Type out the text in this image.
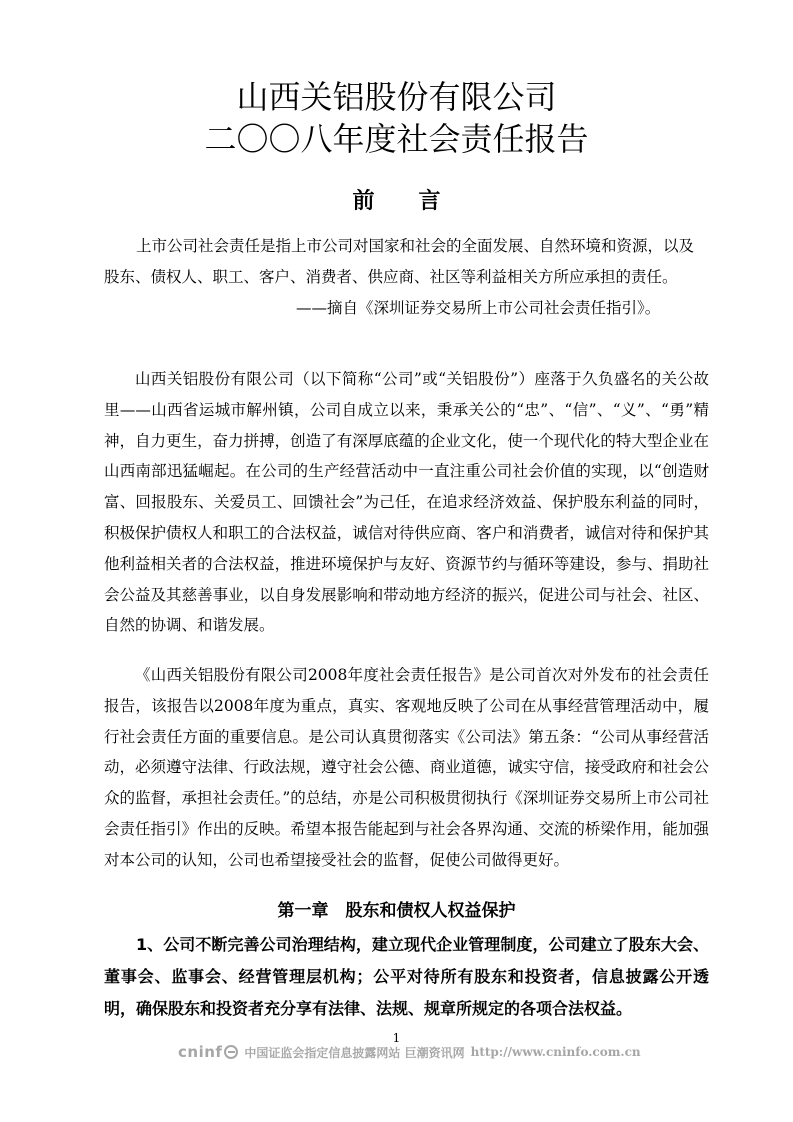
山西关铝股份有限公司
二〇〇八年度社会责任报告
前言
上市公司社会责任是指上市公司对国家和社会的全面发展、自然环境和资源，以及
股东、债权人、职工、客户、消费者、供应商、社区等利益相关方所应承担的责任。
——摘自《深圳证券交易所上市公司社会责任指引》。
山西关铝股份有限公司（以下简称“公司”或“关铝股份”）座落于久负盛名的关公故里——山西省运城市解州镇，公司自成立以来，秉承关公的“忠”、“信”、“义”、“勇”精神，自力更生，奋力拼搏，创造了有深厚底蕴的企业文化，使一个现代化的特大型企业在山西南部迅猛崛起。在公司的生产经营活动中一直注重公司社会价值的实现，以“创造财富、回报股东、关爱员工、回馈社会”为己任，在追求经济效益、保护股东利益的同时，积极保护债权人和职工的合法权益，诚信对待供应商、客户和消费者，诚信对待和保护其他利益相关者的合法权益，推进环境保护与友好、资源节约与循环等建设，参与、捐助社会公益及其慈善事业，以自身发展影响和带动地方经济的振兴，促进公司与社会、社区、自然的协调、和谐发展。
《山西关铝股份有限公司2008年度社会责任报告》是公司首次对外发布的社会责任报告，该报告以2008年度为重点，真实、客观地反映了公司在从事经营管理活动中，履行社会责任方面的重要信息。是公司认真贯彻落实《公司法》第五条：“公司从事经营活动，必须遵守法律、行政法规，遵守社会公德、商业道德，诚实守信，接受政府和社会公众的监督，承担社会责任。”的总结，亦是公司积极贯彻执行《深圳证券交易所上市公司社会责任指引》作出的反映。希望本报告能起到与社会各界沟通、交流的桥梁作用，能加强对本公司的认知，公司也希望接受社会的监督，促使公司做得更好。
第一章　股东和债权人权益保护
1、公司不断完善公司治理结构，建立现代企业管理制度，公司建立了股东大会、董事会、监事会、经营管理层机构；公平对待所有股东和投资者，信息披露公开透明，确保股东和投资者充分享有法律、法规、规章所规定的各项合法权益。
1
cninf 中国证监会指定信息披露网站 巨潮资讯网 http://www.cninfo.com.cn
